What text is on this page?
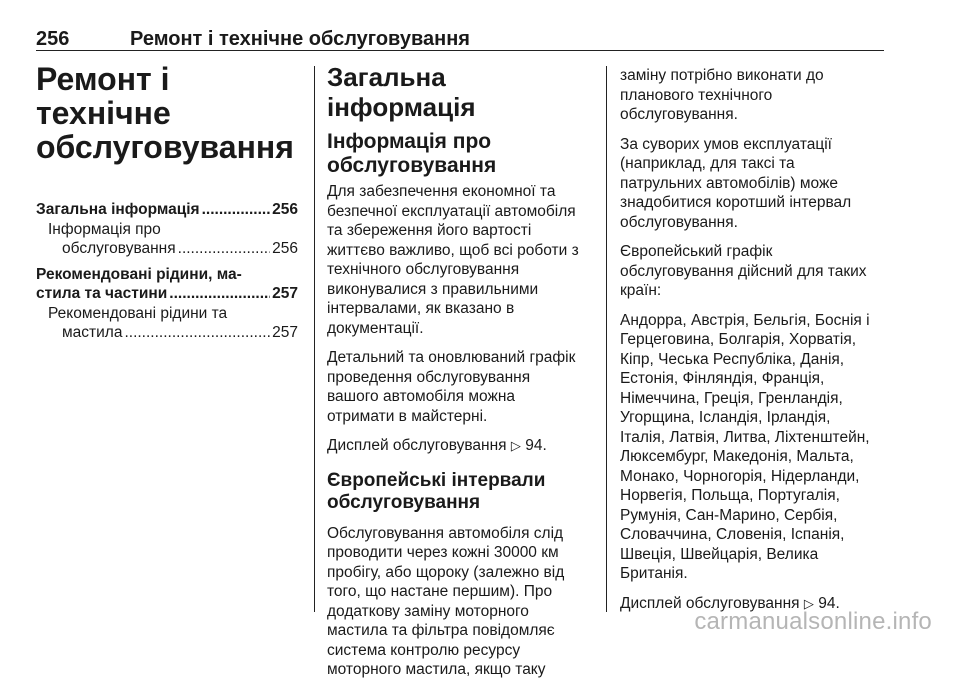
256	Ремонт і технічне обслуговування
Ремонт і технічне
обслуговування
Загальна інформація .....	256
Інформація про
обслуговування .....	256
Рекомендовані рідини, ма-
стила та частини .....	257
Рекомендовані рідини та
мастила .....	257
Загальна інформація
Інформація про
обслуговування

Для забезпечення економної та
безпечної експлуатації автомобіля
та збереження його вартості
життєво важливо, щоб всі роботи з
технічного обслуговування
виконувалися з правильними
інтервалами, як вказано в
документації.

Детальний та оновлюваний графік
проведення обслуговування
вашого автомобіля можна
отримати в майстерні.

Дисплей обслуговування ▷ 94.

Європейські інтервали
обслуговування

Обслуговування автомобіля слід
проводити через кожні 30000 км
пробігу, або щороку (залежно від
того, що настане першим). Про
додаткову заміну моторного
мастила та фільтра повідомляє
система контролю ресурсу
моторного мастила, якщо таку

заміну потрібно виконати до
планового технічного
обслуговування.

За суворих умов експлуатації
(наприклад, для таксі та
патрульних автомобілів) може
знадобитися коротший інтервал
обслуговування.

Європейський графік
обслуговування дійсний для таких
країн:

Андорра, Австрія, Бельгія, Боснія і
Герцеговина, Болгарія, Хорватія,
Кіпр, Чеська Республіка, Данія,
Естонія, Фінляндія, Франція,
Німеччина, Греція, Гренландія,
Угорщина, Ісландія, Ірландія,
Італія, Латвія, Литва, Ліхтенштейн,
Люксембург, Македонія, Мальта,
Монако, Чорногорія, Нідерланди,
Норвегія, Польща, Португалія,
Румунія, Сан-Марино, Сербія,
Словаччина, Словенія, Іспанія,
Швеція, Швейцарія, Велика
Британія.

Дисплей обслуговування ▷ 94.

carmanualsonline.info
